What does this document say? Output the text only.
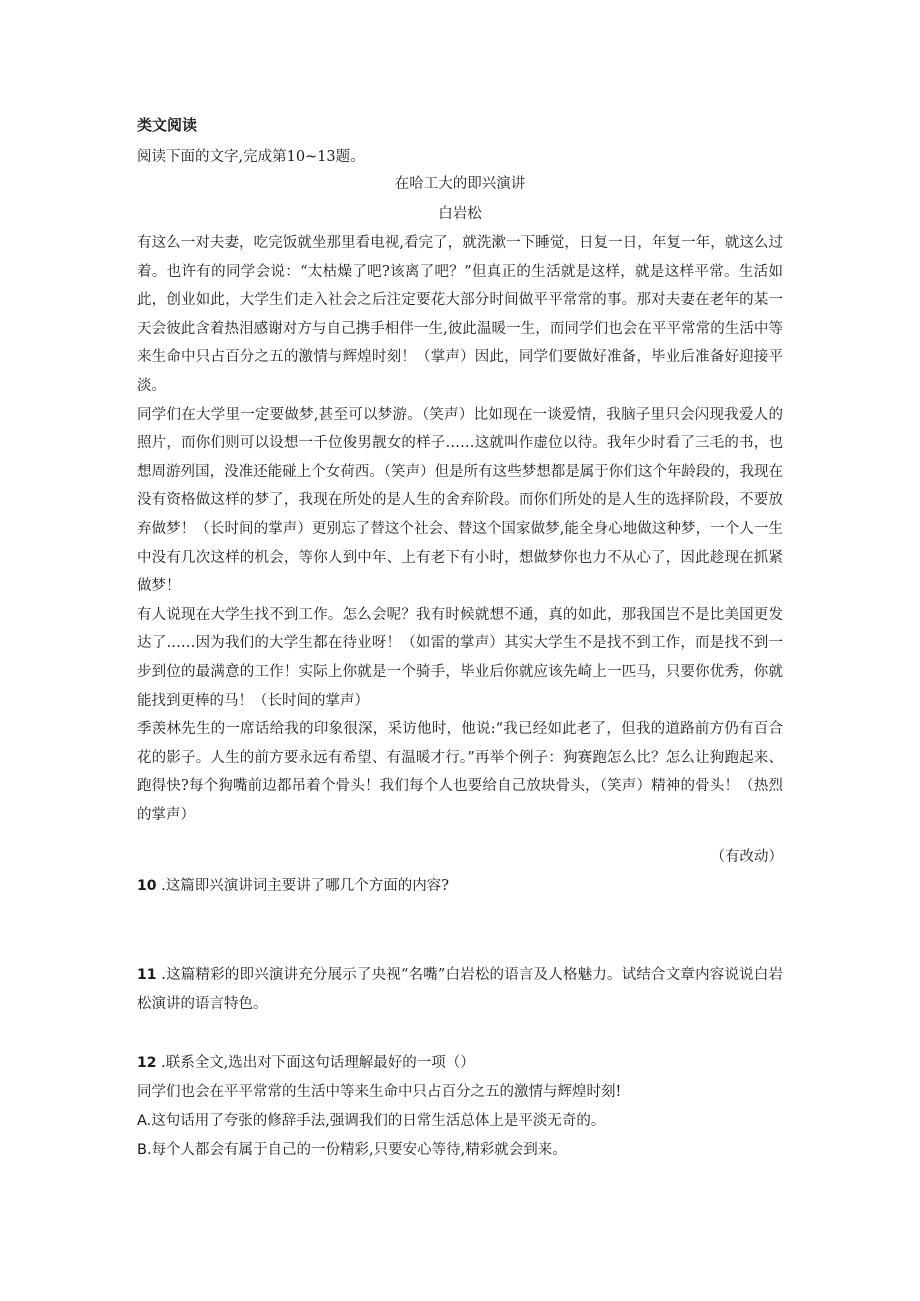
类文阅读
阅读下面的文字,完成第10~13题。
在哈工大的即兴演讲
白岩松

有这么一对夫妻，吃完饭就坐那里看电视,看完了，就洗漱一下睡觉，日复一日，年复一年，就这么过着。也许有的同学会说：“太枯燥了吧?该离了吧？”但真正的生活就是这样，就是这样平常。生活如此，创业如此，大学生们走入社会之后注定要花大部分时间做平平常常的事。那对夫妻在老年的某一天会彼此含着热泪感谢对方与自己携手相伴一生,彼此温暖一生，而同学们也会在平平常常的生活中等来生命中只占百分之五的激情与辉煌时刻！（掌声）因此，同学们要做好准备，毕业后准备好迎接平淡。

同学们在大学里一定要做梦,甚至可以梦游。（笑声）比如现在一谈爱情，我脑子里只会闪现我爱人的照片，而你们则可以设想一千位俊男靓女的样子……这就叫作虚位以待。我年少时看了三毛的书，也想周游列国，没准还能碰上个女荷西。（笑声）但是所有这些梦想都是属于你们这个年龄段的，我现在没有资格做这样的梦了，我现在所处的是人生的舍弃阶段。而你们所处的是人生的选择阶段，不要放弃做梦！（长时间的掌声）更别忘了替这个社会、替这个国家做梦,能全身心地做这种梦，一个人一生中没有几次这样的机会，等你人到中年、上有老下有小时，想做梦你也力不从心了，因此趁现在抓紧做梦！

有人说现在大学生找不到工作。怎么会呢？我有时候就想不通，真的如此，那我国岂不是比美国更发达了……因为我们的大学生都在待业呀！（如雷的掌声）其实大学生不是找不到工作，而是找不到一步到位的最满意的工作！实际上你就是一个骑手，毕业后你就应该先崎上一匹马，只要你优秀，你就能找到更棒的马！（长时间的掌声）

季羡林先生的一席话给我的印象很深，采访他时，他说:“我已经如此老了，但我的道路前方仍有百合花的影子。人生的前方要永远有希望、有温暖才行。”再举个例子：狗赛跑怎么比？怎么让狗跑起来、跑得快?每个狗嘴前边都吊着个骨头！我们每个人也要给自己放块骨头，（笑声）精神的骨头！（热烈的掌声）

（有改动）
10 .这篇即兴演讲词主要讲了哪几个方面的内容?
11 .这篇精彩的即兴演讲充分展示了央视“名嘴”白岩松的语言及人格魅力。试结合文章内容说说白岩松演讲的语言特色。
12 .联系全文,选出对下面这句话理解最好的一项（）
同学们也会在平平常常的生活中等来生命中只占百分之五的激情与辉煌时刻!
A.这句话用了夸张的修辞手法,强调我们的日常生活总体上是平淡无奇的。
B.每个人都会有属于自己的一份精彩,只要安心等待,精彩就会到来。
